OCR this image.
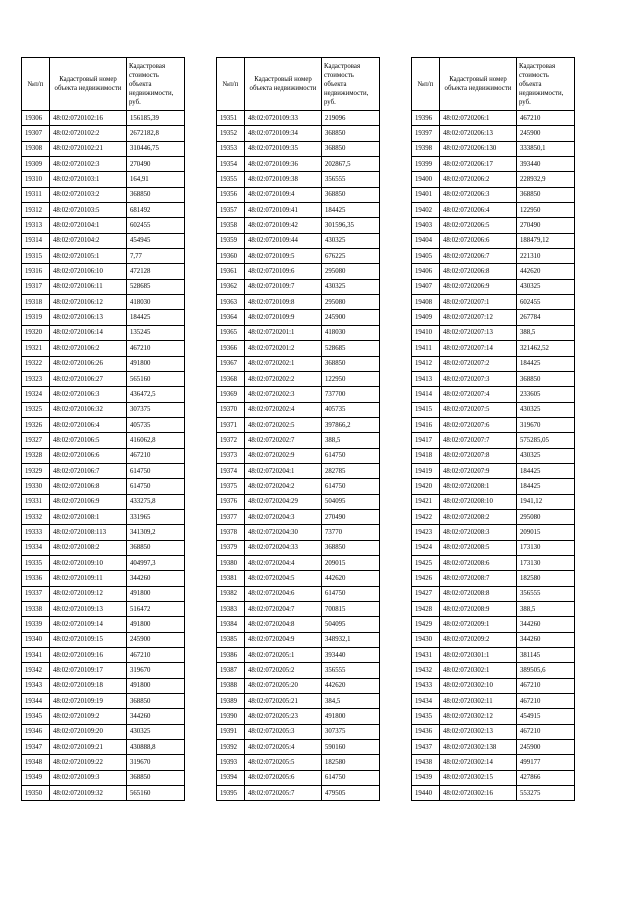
№п/п	Кадастровый номер объекта недвижимости	Кадастровая стоимость объекта недвижимости, руб.
19306	48:02:0720102:16	156185,39
19307	48:02:0720102:2	2672182,8
19308	48:02:0720102:21	310446,75
19309	48:02:0720102:3	270490
19310	48:02:0720103:1	164,91
19311	48:02:0720103:2	368850
19312	48:02:0720103:5	681492
19313	48:02:0720104:1	602455
19314	48:02:0720104:2	454945
19315	48:02:0720105:1	7,77
19316	48:02:0720106:10	472128
19317	48:02:0720106:11	528685
19318	48:02:0720106:12	418030
19319	48:02:0720106:13	184425
19320	48:02:0720106:14	135245
19321	48:02:0720106:2	467210
19322	48:02:0720106:26	491800
19323	48:02:0720106:27	565160
19324	48:02:0720106:3	436472,5
19325	48:02:0720106:32	307375
19326	48:02:0720106:4	405735
19327	48:02:0720106:5	416062,8
19328	48:02:0720106:6	467210
19329	48:02:0720106:7	614750
19330	48:02:0720106:8	614750
19331	48:02:0720106:9	433275,8
19332	48:02:0720108:1	331965
19333	48:02:0720108:113	341309,2
19334	48:02:0720108:2	368850
19335	48:02:0720109:10	404997,3
19336	48:02:0720109:11	344260
19337	48:02:0720109:12	491800
19338	48:02:0720109:13	516472
19339	48:02:0720109:14	491800
19340	48:02:0720109:15	245900
19341	48:02:0720109:16	467210
19342	48:02:0720109:17	319670
19343	48:02:0720109:18	491800
19344	48:02:0720109:19	368850
19345	48:02:0720109:2	344260
19346	48:02:0720109:20	430325
19347	48:02:0720109:21	430888,8
19348	48:02:0720109:22	319670
19349	48:02:0720109:3	368850
19350	48:02:0720109:32	565160
№п/п	Кадастровый номер объекта недвижимости	Кадастровая стоимость объекта недвижимости, руб.
19351	48:02:0720109:33	219096
19352	48:02:0720109:34	368850
19353	48:02:0720109:35	368850
19354	48:02:0720109:36	202867,5
19355	48:02:0720109:38	356555
19356	48:02:0720109:4	368850
19357	48:02:0720109:41	184425
19358	48:02:0720109:42	301596,35
19359	48:02:0720109:44	430325
19360	48:02:0720109:5	676225
19361	48:02:0720109:6	295080
19362	48:02:0720109:7	430325
19363	48:02:0720109:8	295080
19364	48:02:0720109:9	245900
19365	48:02:0720201:1	418030
19366	48:02:0720201:2	528685
19367	48:02:0720202:1	368850
19368	48:02:0720202:2	122950
19369	48:02:0720202:3	737700
19370	48:02:0720202:4	405735
19371	48:02:0720202:5	397866,2
19372	48:02:0720202:7	388,5
19373	48:02:0720202:9	614750
19374	48:02:0720204:1	282785
19375	48:02:0720204:2	614750
19376	48:02:0720204:29	504095
19377	48:02:0720204:3	270490
19378	48:02:0720204:30	73770
19379	48:02:0720204:33	368850
19380	48:02:0720204:4	209015
19381	48:02:0720204:5	442620
19382	48:02:0720204:6	614750
19383	48:02:0720204:7	700815
19384	48:02:0720204:8	504095
19385	48:02:0720204:9	348932,1
19386	48:02:0720205:1	393440
19387	48:02:0720205:2	356555
19388	48:02:0720205:20	442620
19389	48:02:0720205:21	384,5
19390	48:02:0720205:23	491800
19391	48:02:0720205:3	307375
19392	48:02:0720205:4	590160
19393	48:02:0720205:5	182580
19394	48:02:0720205:6	614750
19395	48:02:0720205:7	479505
№п/п	Кадастровый номер объекта недвижимости	Кадастровая стоимость объекта недвижимости, руб.
19396	48:02:0720206:1	467210
19397	48:02:0720206:13	245900
19398	48:02:0720206:130	333850,1
19399	48:02:0720206:17	393440
19400	48:02:0720206:2	228932,9
19401	48:02:0720206:3	368850
19402	48:02:0720206:4	122950
19403	48:02:0720206:5	270490
19404	48:02:0720206:6	188479,12
19405	48:02:0720206:7	221310
19406	48:02:0720206:8	442620
19407	48:02:0720206:9	430325
19408	48:02:0720207:1	602455
19409	48:02:0720207:12	267784
19410	48:02:0720207:13	388,5
19411	48:02:0720207:14	321462,52
19412	48:02:0720207:2	184425
19413	48:02:0720207:3	368850
19414	48:02:0720207:4	233605
19415	48:02:0720207:5	430325
19416	48:02:0720207:6	319670
19417	48:02:0720207:7	575285,05
19418	48:02:0720207:8	430325
19419	48:02:0720207:9	184425
19420	48:02:0720208:1	184425
19421	48:02:0720208:10	1941,12
19422	48:02:0720208:2	295080
19423	48:02:0720208:3	209015
19424	48:02:0720208:5	173130
19425	48:02:0720208:6	173130
19426	48:02:0720208:7	182580
19427	48:02:0720208:8	356555
19428	48:02:0720208:9	388,5
19429	48:02:0720209:1	344260
19430	48:02:0720209:2	344260
19431	48:02:0720301:1	381145
19432	48:02:0720302:1	389505,6
19433	48:02:0720302:10	467210
19434	48:02:0720302:11	467210
19435	48:02:0720302:12	454915
19436	48:02:0720302:13	467210
19437	48:02:0720302:138	245900
19438	48:02:0720302:14	499177
19439	48:02:0720302:15	427866
19440	48:02:0720302:16	553275
